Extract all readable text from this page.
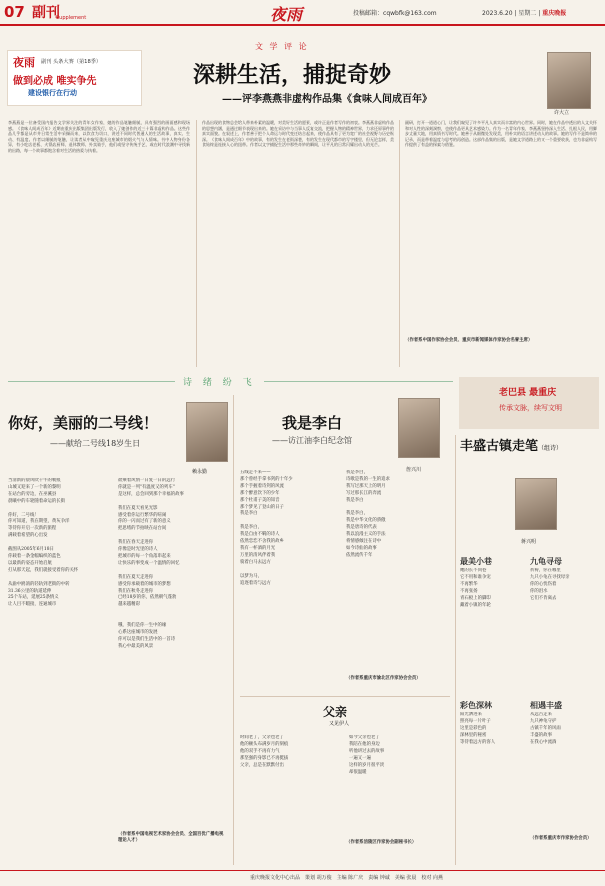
07 副刊
Supplement	夜雨	投稿邮箱：cqwbfk@163.com	2023.6.20 | 星期二 | 重庆晚报
夜雨 副刊 头条大赛（第18季）
做到必成 唯实争先
建设银行在行动
文 学 评 论
深耕生活，捕捉奇妙
——评李燕燕非虚构作品集《食味人间成百年》
许大立
李燕燕是一位备受国内报告文学界关注的青年女作家，她的作品笔触细腻，具有强烈的画面感和现场感。《食味人间成百年》近期由重庆出版集团出版发行，收入了她创作的近三十篇非虚构作品。这些作品几乎都是从市井日常生活中采撷而来，以饮食为切口，讲述不同时代普通人的生活故事，真实、生动、有温度。作者以细腻的笔触，让读者从中窥见重庆这座城市的烟火气与人情味。书中人物身份各异，有小吃店老板、火锅店厨师、退休教师、外卖骑手，他们或坚守传统手艺，或在时代浪潮中寻找新的出路，每一个故事都饱含着对生活的热爱与执着。
作品出现的食物总会给人带来朴素的温暖，对美好生活的愿景，或许正是作者写作的初衷。李燕燕非虚构作品的思想内涵，是通过细节表现出来的。她在采访中与当事人反复交流，把握人物的精神世界，力求还原事件的真实面貌。在叙述上，作者善于把个人命运与时代变迁结合起来，使作品具有了更为宽广的社会视野与历史纵深。《食味人间成百年》中的故事，有的发生在老街深巷，有的发生在现代都市的写字楼里，但无论怎样，美食始终是连接人心的纽带。作者以文字捕捉生活中那些奇妙的瞬间，让平凡的日常闪耀出动人的光芒。
副研，打开一道道心门，让我们窥见了许多平凡人真实而丰富的内心世界。同时，她在作品中透出的人文关怀和对人性的深刻洞察，也使作品更具艺术感染力。作为一名青年作家，李燕燕坚持深入生活、扎根人民，用脚步丈量大地，用真情书写时代。她善于从细微处发现美，用朴实的语言讲述动人的故事。她的写作不是简单的记录，而是带着温度与思考的再创造。这部作品集的出版，是她文学道路上的又一个重要收获，也为非虚构写作提供了有益的探索与借鉴。
（作者系中国作家协会会员、重庆市新闻媒体作家协会名誉主席）
老巴县 最重庆
传承文脉，续写文明
诗 绪 纷 飞
你好，美丽的二号线！
——献给二号线18岁生日
赖永勤
当清新的晨风吹干牛的勒痕
山城又迎来了一个新的黎明
在站台的旁边，在巫溪县
晨曦中的车轮随着命运的长街

你好，二号线！
你可知道，我在期望，黄灰争洋
等待你开启一次新的旅程
满载着希望的心出发

截图从2005年6月18日
你载着一条金幅编织的蓝色
以最新的姿态开始启航
打从那天起，我们就接受着你的关怀

从渝中鸥鸽的轻轨到老街的中转
31.36公里的轨道延伸
25个车站，延展25条情义
让人目不暇接，连通城市
欲乘着风情一日复一日的远行
你就是一列"有温度又的列车"
是这样，总会回到那个幸福的故事

我们在夏天看见光影
感受着你运行繁华的喧闹
你的一闪而过有了新的意义
把思绪的节拍映在站台间

我们在春天走进你
你像是时光里的诗人
把城市的每一个角落串起来
让快乐的事变成一个温情的回忆

我们在夏天走进你
感受你承载着的城市的梦想
我们在秋冬走进你
已经18岁的你，依然朝气蓬勃
越来越精彩

哦，我们是你一生中的缘
心系这座城市的发展
你可以是我们生活中的一首诗
我心中最美的风景
（作者系中国电视艺术家协会会员、全国百优广播电视理论人才）
我是李白
——访江油李白纪念馆
詹兴川
五线走不来——
那个曾经手拿书剑的十年少
那个手握着诗剑的风流
那个醉意饮下的少年
那个杜甫子美的知音
那个梦见了登山的日子
我是李白

我是李白，
我是自由不羁的诗人
依然恋恋不舍我的故乡
我有一杯酒的月光
万里的清风伴着我
骑着白马去远方

以梦为马，
追逐着诗与远方
我是李白，
诗歌是我的一生的追求
我写过那天上的明月
写过那长江的奔流
我是李白

我是李白，
我是中华文化的骄傲
我是唐诗的代表
我以浪漫主义的手法
将情感倾注在诗中
如今诗仙的故事
依然流传千年
（作者系重庆市渝北区作家协会会员）
父亲
又见伊人
时间老了，父亲也老了
他的额头布满岁月的刻痕
他的双手不再有力气
那坚强的身影已不再挺拔
父亲，总是在默默付出

如今父亲也老了
我陪在他的身边
听他讲过去的故事
一遍又一遍
这样的岁月很平淡
却很温暖
（作者系涪陵区作家协会副秘书长）
丰盛古镇走笔（组诗）
蒋兴明
最美小巷
她的长不同巷
它不用和谁争宠
不再繁华
不再张扬
青石板上的脚印
藏着小镇的年轮
九龟寻母
祈祷，你在哪里
九只小龟在寻找母亲
你的心忧伤着
你的泪水
它们不肯离去
彩色深林
阳光洒进来
照亮每一片叶子
这里是彩色的
深林里的秘密
等待着远方的客人
相遇丰盛
从远古走来
九只神龟守护
古镇千年的风雨
丰盛的故事
在我心中流淌
（作者系重庆市作家协会会员）
重庆晚报文化中心出品　 策划 胡万俊　主编 陈广庆　责编 钟诚　美编 张晨　校对 向燕
